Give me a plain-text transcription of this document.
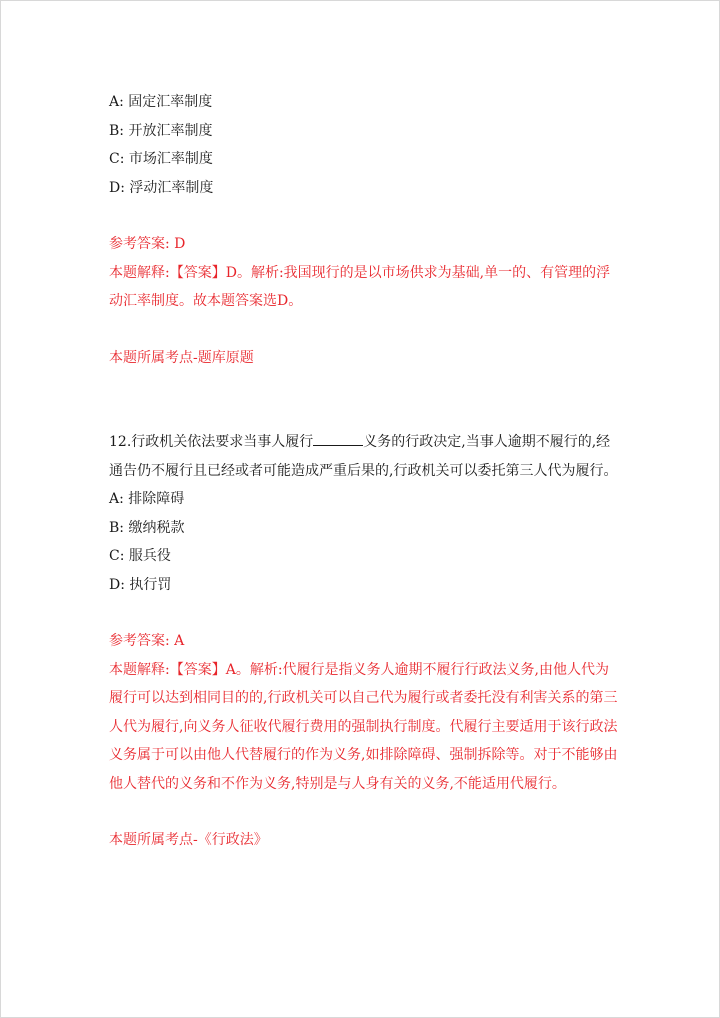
A: 固定汇率制度
B: 开放汇率制度
C: 市场汇率制度
D: 浮动汇率制度
参考答案: D
本题解释:【答案】D。解析:我国现行的是以市场供求为基础,单一的、有管理的浮动汇率制度。故本题答案选D。
本题所属考点-题库原题
12.行政机关依法要求当事人履行	义务的行政决定,当事人逾期不履行的,经通告仍不履行且已经或者可能造成严重后果的,行政机关可以委托第三人代为履行。
A: 排除障碍
B: 缴纳税款
C: 服兵役
D: 执行罚
参考答案: A
本题解释:【答案】A。解析:代履行是指义务人逾期不履行行政法义务,由他人代为履行可以达到相同目的的,行政机关可以自己代为履行或者委托没有利害关系的第三人代为履行,向义务人征收代履行费用的强制执行制度。代履行主要适用于该行政法义务属于可以由他人代替履行的作为义务,如排除障碍、强制拆除等。对于不能够由他人替代的义务和不作为义务,特别是与人身有关的义务,不能适用代履行。
本题所属考点-《行政法》
